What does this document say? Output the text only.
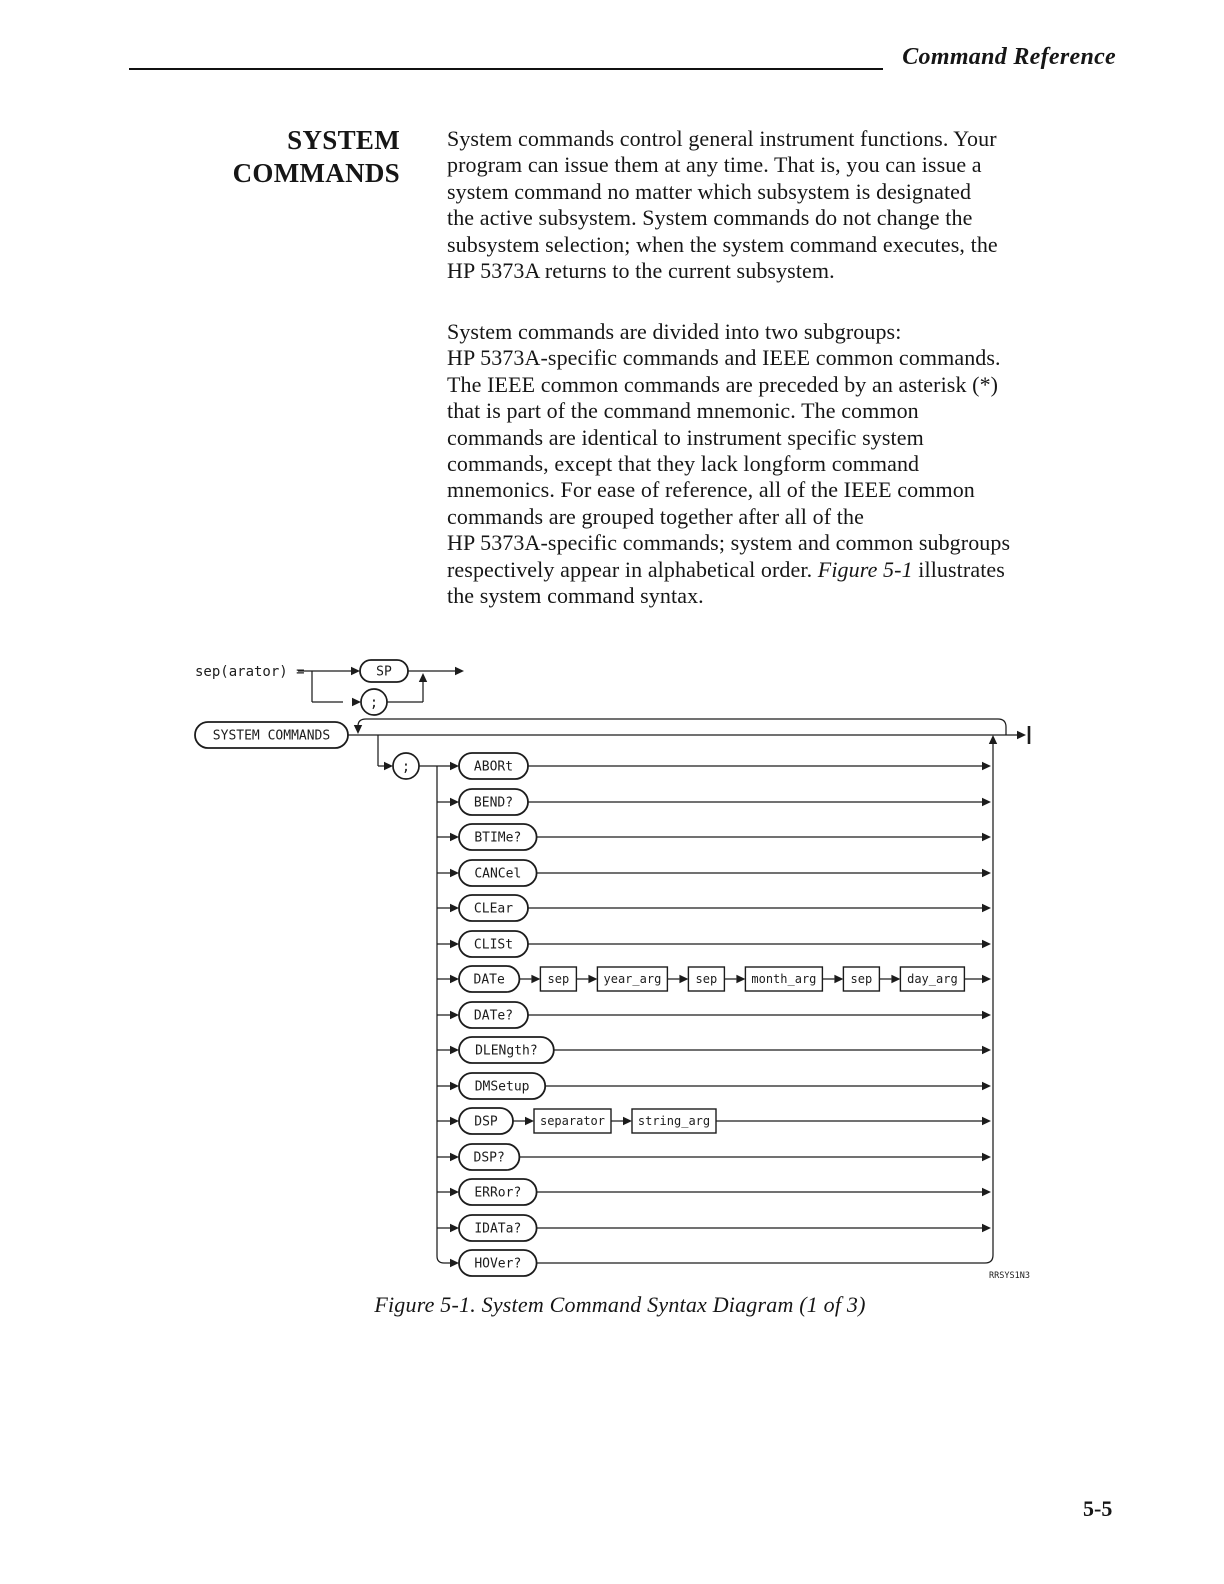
Command Reference
SYSTEM
COMMANDS
System commands control general instrument functions. Your
program can issue them at any time. That is, you can issue a
system command no matter which subsystem is designated
the active subsystem. System commands do not change the
subsystem selection; when the system command executes, the
HP 5373A returns to the current subsystem.
System commands are divided into two subgroups:
HP 5373A-specific commands and IEEE common commands.
The IEEE common commands are preceded by an asterisk (*)
that is part of the command mnemonic. The common
commands are identical to instrument specific system
commands, except that they lack longform command
mnemonics. For ease of reference, all of the IEEE common
commands are grouped together after all of the
HP 5373A-specific commands; system and common subgroups
respectively appear in alphabetical order. Figure 5-1 illustrates
the system command syntax.
sep(arator) =	SP
;
SYSTEM COMMANDS
;	ABORt
BEND?
BTIMe?
CANCel
CLEar
CLISt
DATe	sep	year_arg	sep	month_arg	sep	day_arg
DATe?
DLENgth?
DMSetup
DSP	separator	string_arg
DSP?
ERRor?
IDATa?
HOVer?
RRSYS1N3
Figure 5-1. System Command Syntax Diagram (1 of 3)
5-5
